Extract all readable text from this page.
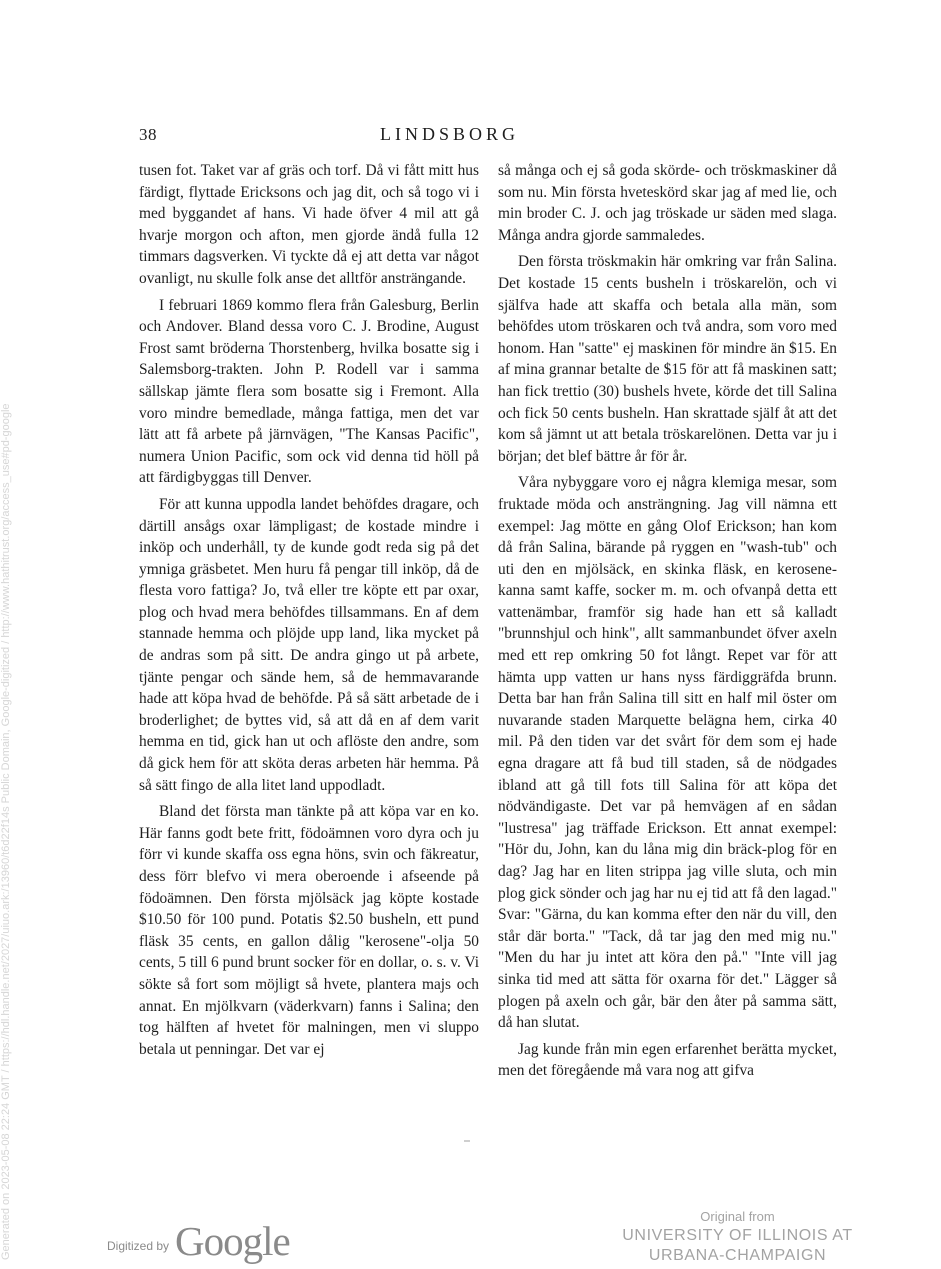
38	LINDSBORG

tusen fot. Taket var af gräs och torf. Då vi fått mitt hus färdigt, flyttade Ericksons och jag dit, och så togo vi i med byggandet af hans. Vi hade öfver 4 mil att gå hvarje morgon och afton, men gjorde ändå fulla 12 timmars dagsverken. Vi tyckte då ej att detta var något ovanligt, nu skulle folk anse det alltför ansträngande.

I februari 1869 kommo flera från Galesburg, Berlin och Andover. Bland dessa voro C. J. Brodine, August Frost samt bröderna Thorstenberg, hvilka bosatte sig i Salemsborg-trakten. John P. Rodell var i samma sällskap jämte flera som bosatte sig i Fremont. Alla voro mindre bemedlade, många fattiga, men det var lätt att få arbete på järnvägen, "The Kansas Pacific", numera Union Pacific, som ock vid denna tid höll på att färdigbyggas till Denver.

För att kunna uppodla landet behöfdes dragare, och därtill ansågs oxar lämpligast; de kostade mindre i inköp och underhåll, ty de kunde godt reda sig på det ymniga gräsbetet. Men huru få pengar till inköp, då de flesta voro fattiga? Jo, två eller tre köpte ett par oxar, plog och hvad mera behöfdes tillsammans. En af dem stannade hemma och plöjde upp land, lika mycket på de andras som på sitt. De andra gingo ut på arbete, tjänte pengar och sände hem, så de hemmavarande hade att köpa hvad de behöfde. På så sätt arbetade de i broderlighet; de byttes vid, så att då en af dem varit hemma en tid, gick han ut och aflöste den andre, som då gick hem för att sköta deras arbeten här hemma. På så sätt fingo de alla litet land uppodladt.

Bland det första man tänkte på att köpa var en ko. Här fanns godt bete fritt, födoämnen voro dyra och ju förr vi kunde skaffa oss egna höns, svin och fäkreatur, dess förr blefvo vi mera oberoende i afseende på födoämnen. Den första mjölsäck jag köpte kostade $10.50 för 100 pund. Potatis $2.50 busheln, ett pund fläsk 35 cents, en gallon dålig "kerosene"-olja 50 cents, 5 till 6 pund brunt socker för en dollar, o. s. v. Vi sökte så fort som möjligt så hvete, plantera majs och annat. En mjölkvarn (väderkvarn) fanns i Salina; den tog hälften af hvetet för malningen, men vi sluppo betala ut penningar. Det var ej

så många och ej så goda skörde- och tröskmaskiner då som nu. Min första hveteskörd skar jag af med lie, och min broder C. J. och jag tröskade ur säden med slaga. Många andra gjorde sammaledes.

Den första tröskmakin här omkring var från Salina. Det kostade 15 cents busheln i tröskarelön, och vi själfva hade att skaffa och betala alla män, som behöfdes utom tröskaren och två andra, som voro med honom. Han "satte" ej maskinen för mindre än $15. En af mina grannar betalte de $15 för att få maskinen satt; han fick trettio (30) bushels hvete, körde det till Salina och fick 50 cents busheln. Han skrattade själf åt att det kom så jämnt ut att betala tröskarelönen. Detta var ju i början; det blef bättre år för år.

Våra nybyggare voro ej några klemiga mesar, som fruktade möda och ansträngning. Jag vill nämna ett exempel: Jag mötte en gång Olof Erickson; han kom då från Salina, bärande på ryggen en "wash-tub" och uti den en mjölsäck, en skinka fläsk, en kerosene-kanna samt kaffe, socker m. m. och ofvanpå detta ett vattenämbar, framför sig hade han ett så kalladt "brunnshjul och hink", allt sammanbundet öfver axeln med ett rep omkring 50 fot långt. Repet var för att hämta upp vatten ur hans nyss färdiggräfda brunn. Detta bar han från Salina till sitt en half mil öster om nuvarande staden Marquette belägna hem, cirka 40 mil. På den tiden var det svårt för dem som ej hade egna dragare att få bud till staden, så de nödgades ibland att gå till fots till Salina för att köpa det nödvändigaste. Det var på hemvägen af en sådan "lustresa" jag träffade Erickson. Ett annat exempel: "Hör du, John, kan du låna mig din bräck-plog för en dag? Jag har en liten strippa jag ville sluta, och min plog gick sönder och jag har nu ej tid att få den lagad." Svar: "Gärna, du kan komma efter den när du vill, den står där borta." "Tack, då tar jag den med mig nu." "Men du har ju intet att köra den på." "Inte vill jag sinka tid med att sätta för oxarna för det." Lägger så plogen på axeln och går, bär den åter på samma sätt, då han slutat.

Jag kunde från min egen erfarenhet berätta mycket, men det föregående må vara nog att gifva

Generated on 2023-05-08 22:24 GMT / https://hdl.handle.net/2027/uiuo.ark:/13960/t6d22f14s Public Domain, Google-digitized / http://www.hathitrust.org/access_use#pd-google	Digitized by Google
Original from
UNIVERSITY OF ILLINOIS AT
URBANA-CHAMPAIGN
